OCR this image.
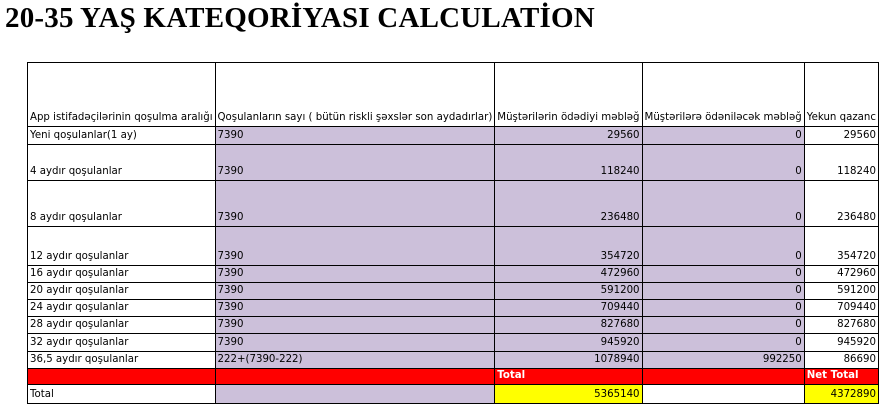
20-35 YAŞ KATEQORİYASI CALCULATİON
App istifadəçilərinin qoşulma aralığı	Qoşulanların sayı ( bütün riskli şəxslər son aydadırlar)	Müştərilərin ödədiyi məbləğ	Müştərilərə ödəniləcək məbləğ	Yekun qazanc
Yeni qoşulanlar(1 ay)	7390	29560	0	29560
4 aydır qoşulanlar	7390	118240	0	118240
8 aydır qoşulanlar	7390	236480	0	236480
12 aydır qoşulanlar	7390	354720	0	354720
16 aydır qoşulanlar	7390	472960	0	472960
20 aydır qoşulanlar	7390	591200	0	591200
24 aydır qoşulanlar	7390	709440	0	709440
28 aydır qoşulanlar	7390	827680	0	827680
32 aydır qoşulanlar	7390	945920	0	945920
36,5 aydır qoşulanlar	222+(7390-222)	1078940	992250	86690
		Total		Net Total
Total		5365140		4372890
